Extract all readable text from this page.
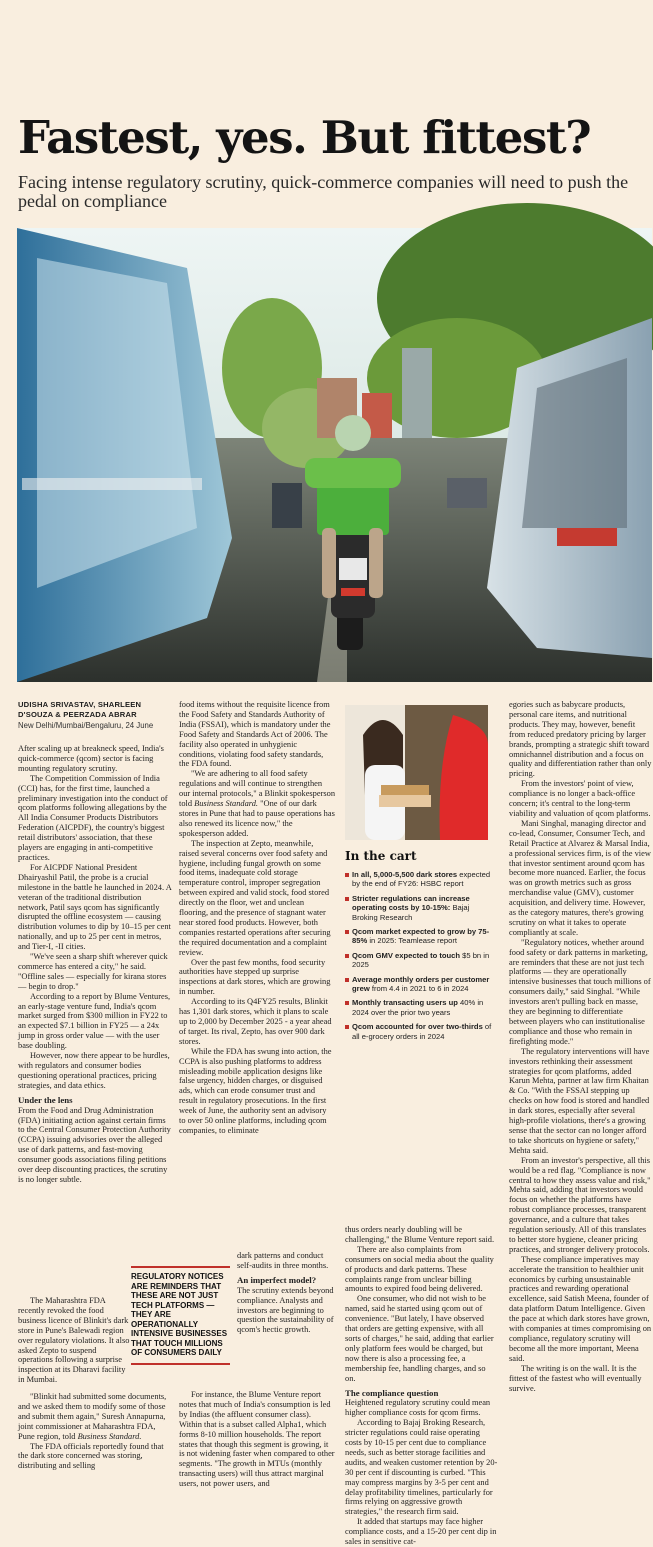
Fastest, yes. But fittest?
Facing intense regulatory scrutiny, quick-commerce companies will need to push the pedal on compliance
UDISHA SRIVASTAV, SHARLEEN D'SOUZA & PEERZADA ABRAR
New Delhi/Mumbai/Bengaluru, 24 June

After scaling up at breakneck speed, India's quick-commerce (qcom) sector is facing mounting regulatory scrutiny.

The Competition Commission of India (CCI) has, for the first time, launched a preliminary investigation into the conduct of qcom platforms following allegations by the All India Consumer Products Distributors Federation (AICPDF), the country's biggest retail distributors' association, that these players are engaging in anti-competitive practices.

For AICPDF National President Dhairyashil Patil, the probe is a crucial milestone in the battle he launched in 2024. A veteran of the traditional distribution network, Patil says qcom has significantly disrupted the offline ecosystem — causing distribution volumes to dip by 10–15 per cent nationally, and up to 25 per cent in metros, and Tier-I, -II cities.

"We've seen a sharp shift wherever quick commerce has entered a city," he said. "Offline sales — especially for kirana stores — begin to drop."

According to a report by Blume Ventures, an early-stage venture fund, India's qcom market surged from $300 million in FY22 to an expected $7.1 billion in FY25 — a 24x jump in gross order value — with the user base doubling.

However, now there appear to be hurdles, with regulators and consumer bodies questioning operational practices, pricing strategies, and data ethics.

Under the lens

From the Food and Drug Administration (FDA) initiating action against certain firms to the Central Consumer Protection Authority (CCPA) issuing advisories over the alleged use of dark patterns, and fast-moving consumer goods associations filing petitions over deep discounting practices, the scrutiny is no longer subtle.

The Maharashtra FDA recently revoked the food business licence of Blinkit's dark store in Pune's Balewadi region over regulatory violations. It also asked Zepto to suspend operations following a surprise inspection at its Dharavi facility in Mumbai.

"Blinkit had submitted some documents, and we asked them to modify some of those and submit them again," Suresh Annapurna, joint commissioner at Maharashtra FDA, Pune region, told Business Standard.

The FDA officials reportedly found that the dark store concerned was storing, distributing and selling

food items without the requisite licence from the Food Safety and Standards Authority of India (FSSAI), which is mandatory under the Food Safety and Standards Act of 2006. The facility also operated in unhygienic conditions, violating food safety standards, the FDA found.

"We are adhering to all food safety regulations and will continue to strengthen our internal protocols," a Blinkit spokesperson told Business Standard. "One of our dark stores in Pune that had to pause operations has also renewed its licence now," the spokesperson added.

The inspection at Zepto, meanwhile, raised several concerns over food safety and hygiene, including fungal growth on some food items, inadequate cold storage temperature control, improper segregation between expired and valid stock, food stored directly on the floor, wet and unclean flooring, and the presence of stagnant water near stored food products. However, both companies restarted operations after securing the required documentation and a complaint review.

Over the past few months, food security authorities have stepped up surprise inspections at dark stores, which are growing in number.

According to its Q4FY25 results, Blinkit has 1,301 dark stores, which it plans to scale up to 2,000 by December 2025 - a year ahead of target. Its rival, Zepto, has over 900 dark stores.

While the FDA has swung into action, the CCPA is also pushing platforms to address misleading mobile application designs like false urgency, hidden charges, or disguised ads, which can erode consumer trust and result in regulatory prosecutions. In the first week of June, the authority sent an advisory to over 50 online platforms, including qcom companies, to eliminate

dark patterns and conduct self-audits in three months.

An imperfect model?

The scrutiny extends beyond compliance. Analysts and investors are beginning to question the sustainability of qcom's hectic growth.

For instance, the Blume Venture report notes that much of India's consumption is led by Indias (the affluent consumer class). Within that is a subset called Alpha1, which forms 8-10 million households. The report states that though this segment is growing, it is not widening faster when compared to other segments. "The growth in MTUs (monthly transacting users) will thus attract marginal users, not power users, and

REGULATORY NOTICES ARE REMINDERS THAT THESE ARE NOT JUST TECH PLATFORMS — THEY ARE OPERATIONALLY INTENSIVE BUSINESSES THAT TOUCH MILLIONS OF CONSUMERS DAILY
In the cart
In all, 5,000-5,500 dark stores expected by the end of FY26: HSBC report
Stricter regulations can increase operating costs by 10-15%: Bajaj Broking Research
Qcom market expected to grow by 75-85% in 2025: Teamlease report
Qcom GMV expected to touch $5 bn in 2025
Average monthly orders per customer grew from 4.4 in 2021 to 6 in 2024
Monthly transacting users up 40% in 2024 over the prior two years
Qcom accounted for over two-thirds of all e-grocery orders in 2024

thus orders nearly doubling will be challenging," the Blume Venture report said.

There are also complaints from consumers on social media about the quality of products and dark patterns. These complaints range from unclear billing amounts to expired food being delivered.

One consumer, who did not wish to be named, said he started using qcom out of convenience. "But lately, I have observed that orders are getting expensive, with all sorts of charges," he said, adding that earlier only platform fees would be charged, but now there is also a processing fee, a membership fee, handling charges, and so on.

The compliance question

Heightened regulatory scrutiny could mean higher compliance costs for qcom firms.

According to Bajaj Broking Research, stricter regulations could raise operating costs by 10-15 per cent due to compliance needs, such as better storage facilities and audits, and weaken customer retention by 20-30 per cent if discounting is curbed. "This may compress margins by 3-5 per cent and delay profitability timelines, particularly for firms relying on aggressive growth strategies," the research firm said.

It added that startups may face higher compliance costs, and a 15-20 per cent dip in sales in sensitive cat-

egories such as babycare products, personal care items, and nutritional products. They may, however, benefit from reduced predatory pricing by larger brands, prompting a strategic shift toward omnichannel distribution and a focus on quality and differentiation rather than only pricing.

From the investors' point of view, compliance is no longer a back-office concern; it's central to the long-term viability and valuation of qcom platforms.

Mani Singhal, managing director and co-lead, Consumer, Consumer Tech, and Retail Practice at Alvarez & Marsal India, a professional services firm, is of the view that investor sentiment around qcom has become more nuanced. Earlier, the focus was on growth metrics such as gross merchandise value (GMV), customer acquisition, and delivery time. However, as the category matures, there's growing scrutiny on what it takes to operate compliantly at scale.

"Regulatory notices, whether around food safety or dark patterns in marketing, are reminders that these are not just tech platforms — they are operationally intensive businesses that touch millions of consumers daily," said Singhal. "While investors aren't pulling back en masse, they are beginning to differentiate between players who can institutionalise compliance and those who remain in firefighting mode."

The regulatory interventions will have investors rethinking their assessment strategies for qcom platforms, added Karun Mehta, partner at law firm Khaitan & Co. "With the FSSAI stepping up checks on how food is stored and handled in dark stores, especially after several high-profile violations, there's a growing sense that the sector can no longer afford to take shortcuts on hygiene or safety," Mehta said.

From an investor's perspective, all this would be a red flag. "Compliance is now central to how they assess value and risk," Mehta said, adding that investors would focus on whether the platforms have robust compliance processes, transparent governance, and a culture that takes regulation seriously. All of this translates to better store hygiene, cleaner pricing practices, and stronger delivery protocols.

These compliance imperatives may accelerate the transition to healthier unit economics by curbing unsustainable practices and rewarding operational excellence, said Satish Meena, founder of data platform Datum Intelligence. Given the pace at which dark stores have grown, with companies at times compromising on compliance, regulatory scrutiny will become all the more important, Meena said.

The writing is on the wall. It is the fittest of the fastest who will eventually survive.
